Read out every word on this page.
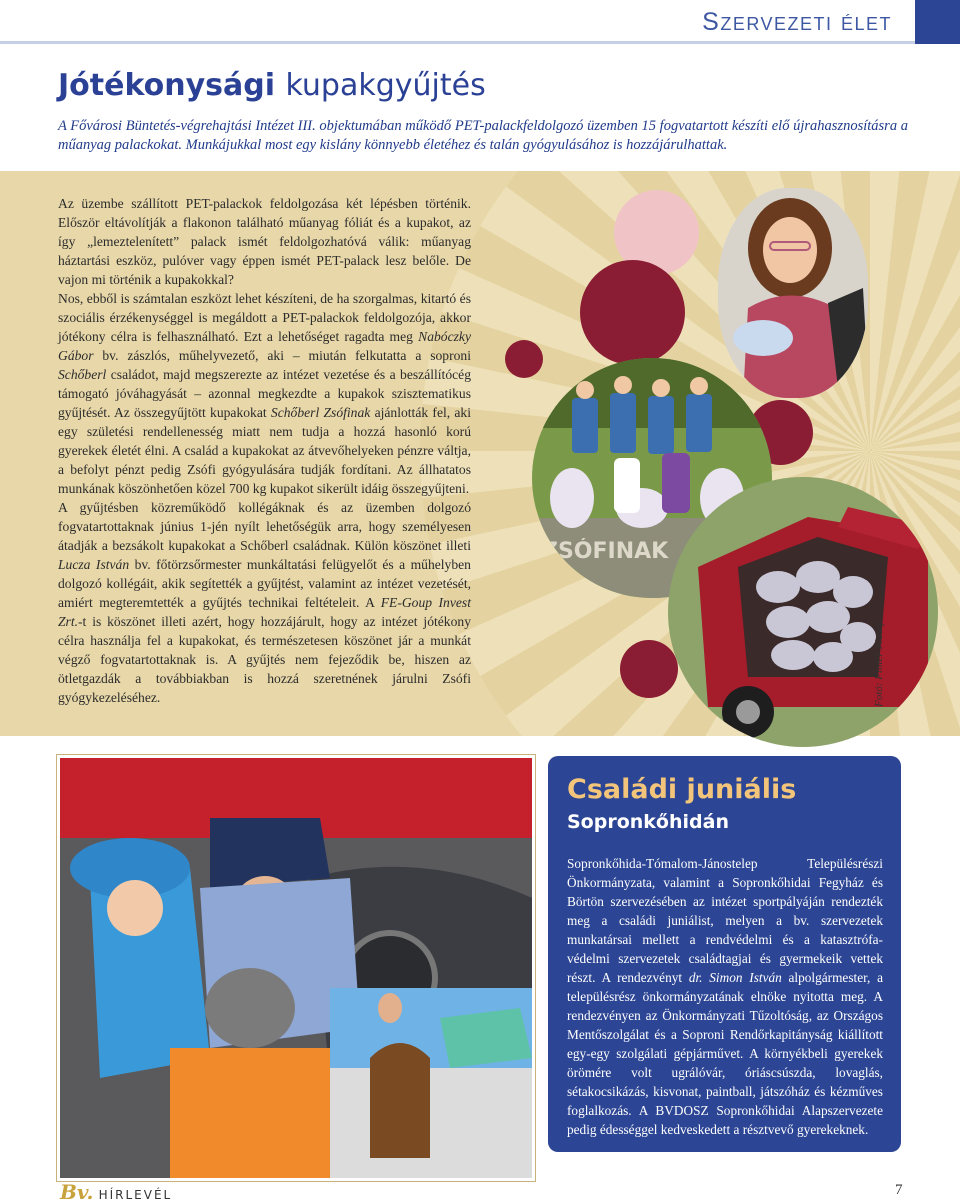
Szervezeti élet
Jótékonysági kupakgyűjtés

A Fővárosi Büntetés-végrehajtási Intézet III. objektumában működő PET-palackfeldolgozó üzemben 15 fogvatartott készíti elő újrahasznosításra a műanyag palackokat. Munkájukkal most egy kislány könnyebb életéhez és talán gyógyulásához is hozzájárulhattak.

ZSÓFINAK

Az üzembe szállított PET-palackok feldolgozása két lépésben történik. Először eltávolítják a flakonon található műanyag fóliát és a kupakot, az így „lemeztelenített” palack ismét feldolgozhatóvá válik: műanyag háztartási eszköz, pulóver vagy éppen ismét PET-palack lesz belőle. De vajon mi történik a kupakokkal?

Nos, ebből is számtalan eszközt lehet készíteni, de ha szorgalmas, kitartó és szociális érzékenységgel is megáldott a PET-palackok feldolgozója, akkor jótékony célra is felhasználható. Ezt a lehetőséget ragadta meg Nabóczky Gábor bv. zászlós, műhelyvezető, aki – miután felkutatta a soproni Schőberl családot, majd megszerezte az intézet vezetése és a beszállítócég támogató jóváhagyását – azonnal megkezdte a kupakok szisztematikus gyűjtését. Az összegyűjtött kupakokat Schőberl Zsófinak ajánlották fel, aki egy születési rendellenesség miatt nem tudja a hozzá hasonló korú gyerekek életét élni. A család a kupakokat az átvevőhelyeken pénzre váltja, a befolyt pénzt pedig Zsófi gyógyulására tudják fordítani. Az állhatatos munkának köszönhetően közel 700 kg kupakot sikerült idáig összegyűjteni.

A gyűjtésben közreműködő kollégáknak és az üzemben dolgozó fogvatartottaknak június 1-jén nyílt lehetőségük arra, hogy személyesen átadják a bezsákolt kupakokat a Schőberl családnak. Külön köszönet illeti Lucza István bv. főtörzsőrmester munkáltatási felügyelőt és a műhelyben dolgozó kollégáit, akik segítették a gyűjtést, valamint az intézet vezetését, amiért megteremtették a gyűjtés technikai feltételeit. A FE-Goup Invest Zrt.-t is köszönet illeti azért, hogy hozzájárult, hogy az intézet jótékony célra használja fel a kupakokat, és természetesen köszönet jár a munkát végző fogvatartottaknak is. A gyűjtés nem fejeződik be, hiszen az ötletgazdák a továbbiakban is hozzá szeretnének járulni Zsófi gyógykezeléséhez.	Fotó: Pintér József
Családi juniális
Sopronkőhidán

Sopronkőhida-Tómalom-Jánostelep Településrészi Önkormányzata, valamint a Sopronkőhidai Fegyház és Börtön szervezésében az intézet sportpályáján rendezték meg a családi juniálist, melyen a bv. szervezetek munkatársai mellett a rendvédelmi és a katasztrófa-védelmi szervezetek családtagjai és gyermekeik vettek részt. A rendezvényt dr. Simon István alpolgármester, a településrész önkormányzatának elnöke nyitotta meg. A rendezvényen az Önkormányzati Tűzoltóság, az Országos Mentőszolgálat és a Soproni Rendőrkapitányság kiállított egy-egy szolgálati gépjárművet. A környékbeli gyerekek örömére volt ugrálóvár, óriáscsúszda, lovaglás, sétakocsikázás, kisvonat, paintball, játszóház és kézműves foglalkozás. A BVDOSZ Sopronkőhidai Alapszervezete pedig édességgel kedveskedett a résztvevő gyerekeknek.

Bv. HÍRLEVÉL	7
